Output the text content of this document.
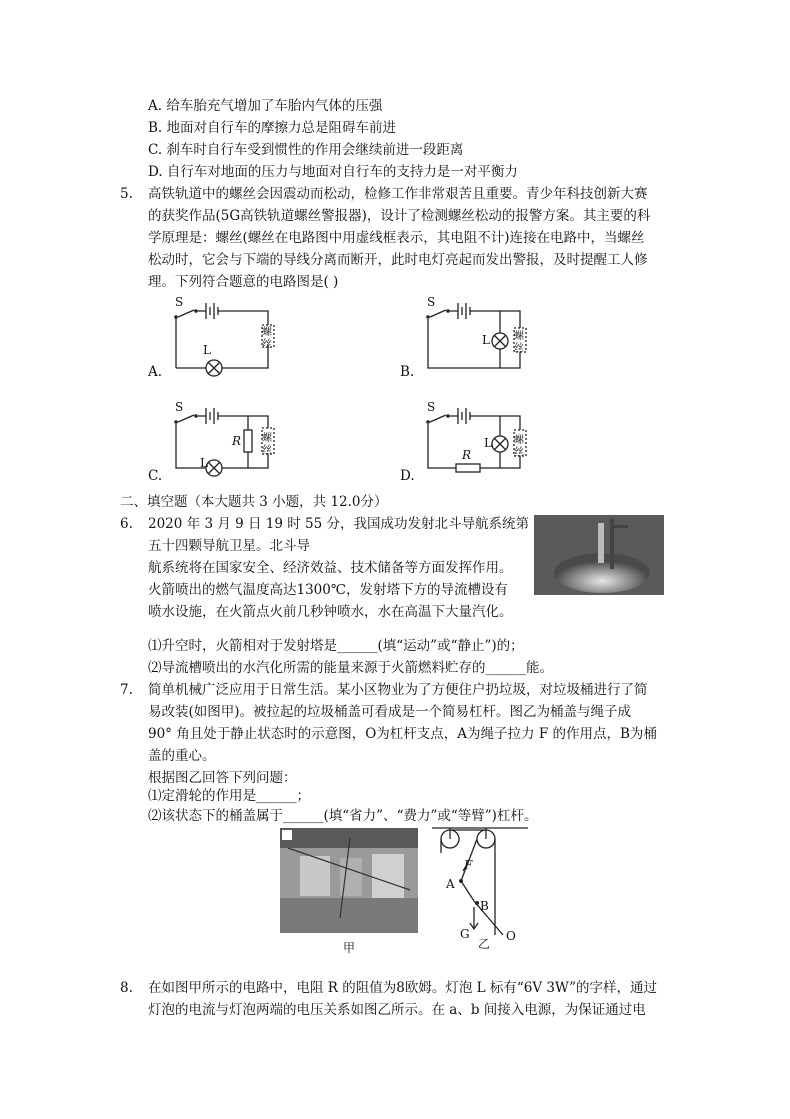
A. 给车胎充气增加了车胎内气体的压强
B. 地面对自行车的摩擦力总是阻碍车前进
C. 刹车时自行车受到惯性的作用会继续前进一段距离
D. 自行车对地面的压力与地面对自行车的支持力是一对平衡力
5. 高铁轨道中的螺丝会因震动而松动，检修工作非常艰苦且重要。青少年科技创新大赛
的获奖作品(5G高铁轨道螺丝警报器)，设计了检测螺丝松动的报警方案。其主要的科
学原理是：螺丝(螺丝在电路图中用虚线框表示，其电阻不计)连接在电路中，当螺丝
松动时，它会与下端的导线分离而断开，此时电灯亮起而发出警报，及时提醒工人修
理。下列符合题意的电路图是( )
S
L
螺
丝
A.
S
L 螺
丝
B.
S
L
R 螺
丝
C.
S
L
R
螺
丝
D.
二、填空题（本大题共 3 小题，共 12.0分）
6. 2020 年 3 月 9 日 19 时 55 分，我国成功发射北斗导航系统第
五十四颗导航卫星。北斗导
航系统将在国家安全、经济效益、技术储备等方面发挥作用。
火箭喷出的燃气温度高达1300℃，发射塔下方的导流槽设有
喷水设施，在火箭点火前几秒钟喷水，水在高温下大量汽化。
⑴升空时，火箭相对于发射塔是______(填“运动”或“静止”)的；
⑵导流槽喷出的水汽化所需的能量来源于火箭燃料贮存的______能。
7. 简单机械广泛应用于日常生活。某小区物业为了方便住户扔垃圾，对垃圾桶进行了简
易改装(如图甲)。被拉起的垃圾桶盖可看成是一个简易杠杆。图乙为桶盖与绳子成
90° 角且处于静止状态时的示意图，O为杠杆支点，A为绳子拉力 F 的作用点，B为桶
盖的重心。
根据图乙回答下列问题：
⑴定滑轮的作用是______；
⑵该状态下的桶盖属于______(填“省力”、“费力”或“等臂”)杠杆。
甲
F
A
B
G	O
乙
8. 在如图甲所示的电路中，电阻 R 的阻值为8欧姆。灯泡 L 标有“6V 3W”的字样，通过
灯泡的电流与灯泡两端的电压关系如图乙所示。在 a、b 间接入电源，为保证通过电
